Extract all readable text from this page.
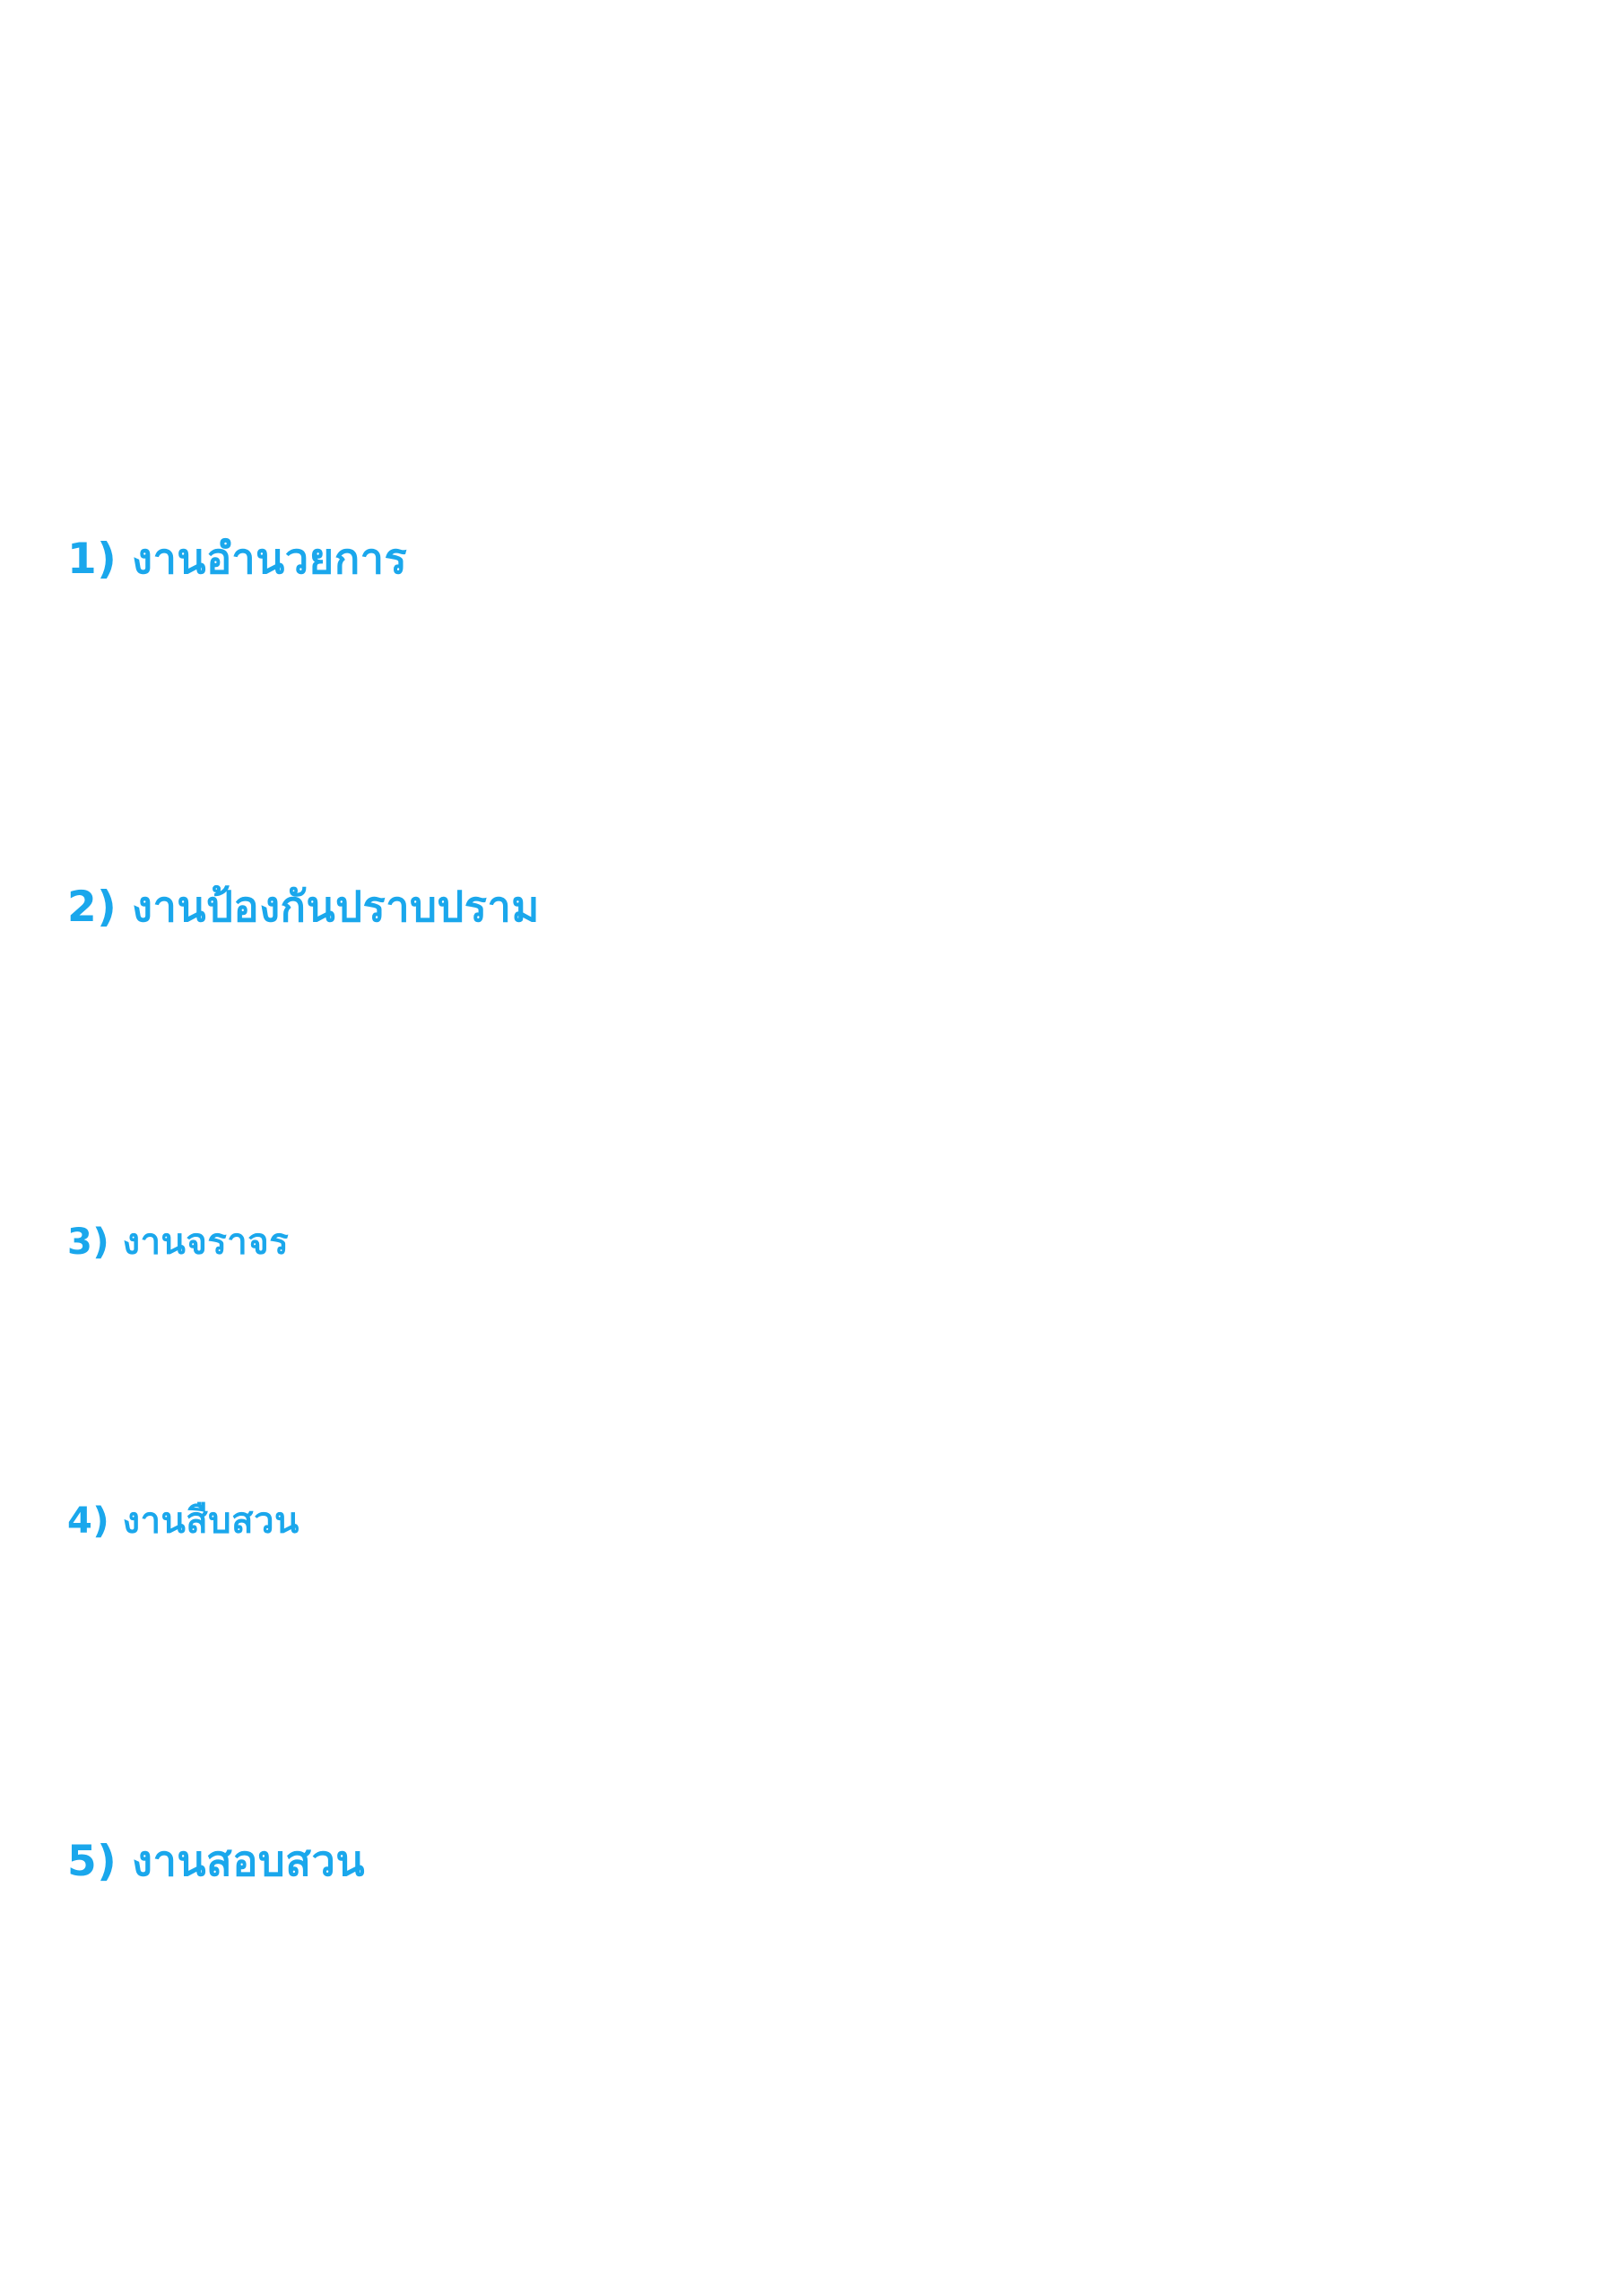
1) งานอำนวยการ
2) งานป้องกันปราบปราม
3) งานจราจร
4) งานสืบสวน
5) งานสอบสวน
